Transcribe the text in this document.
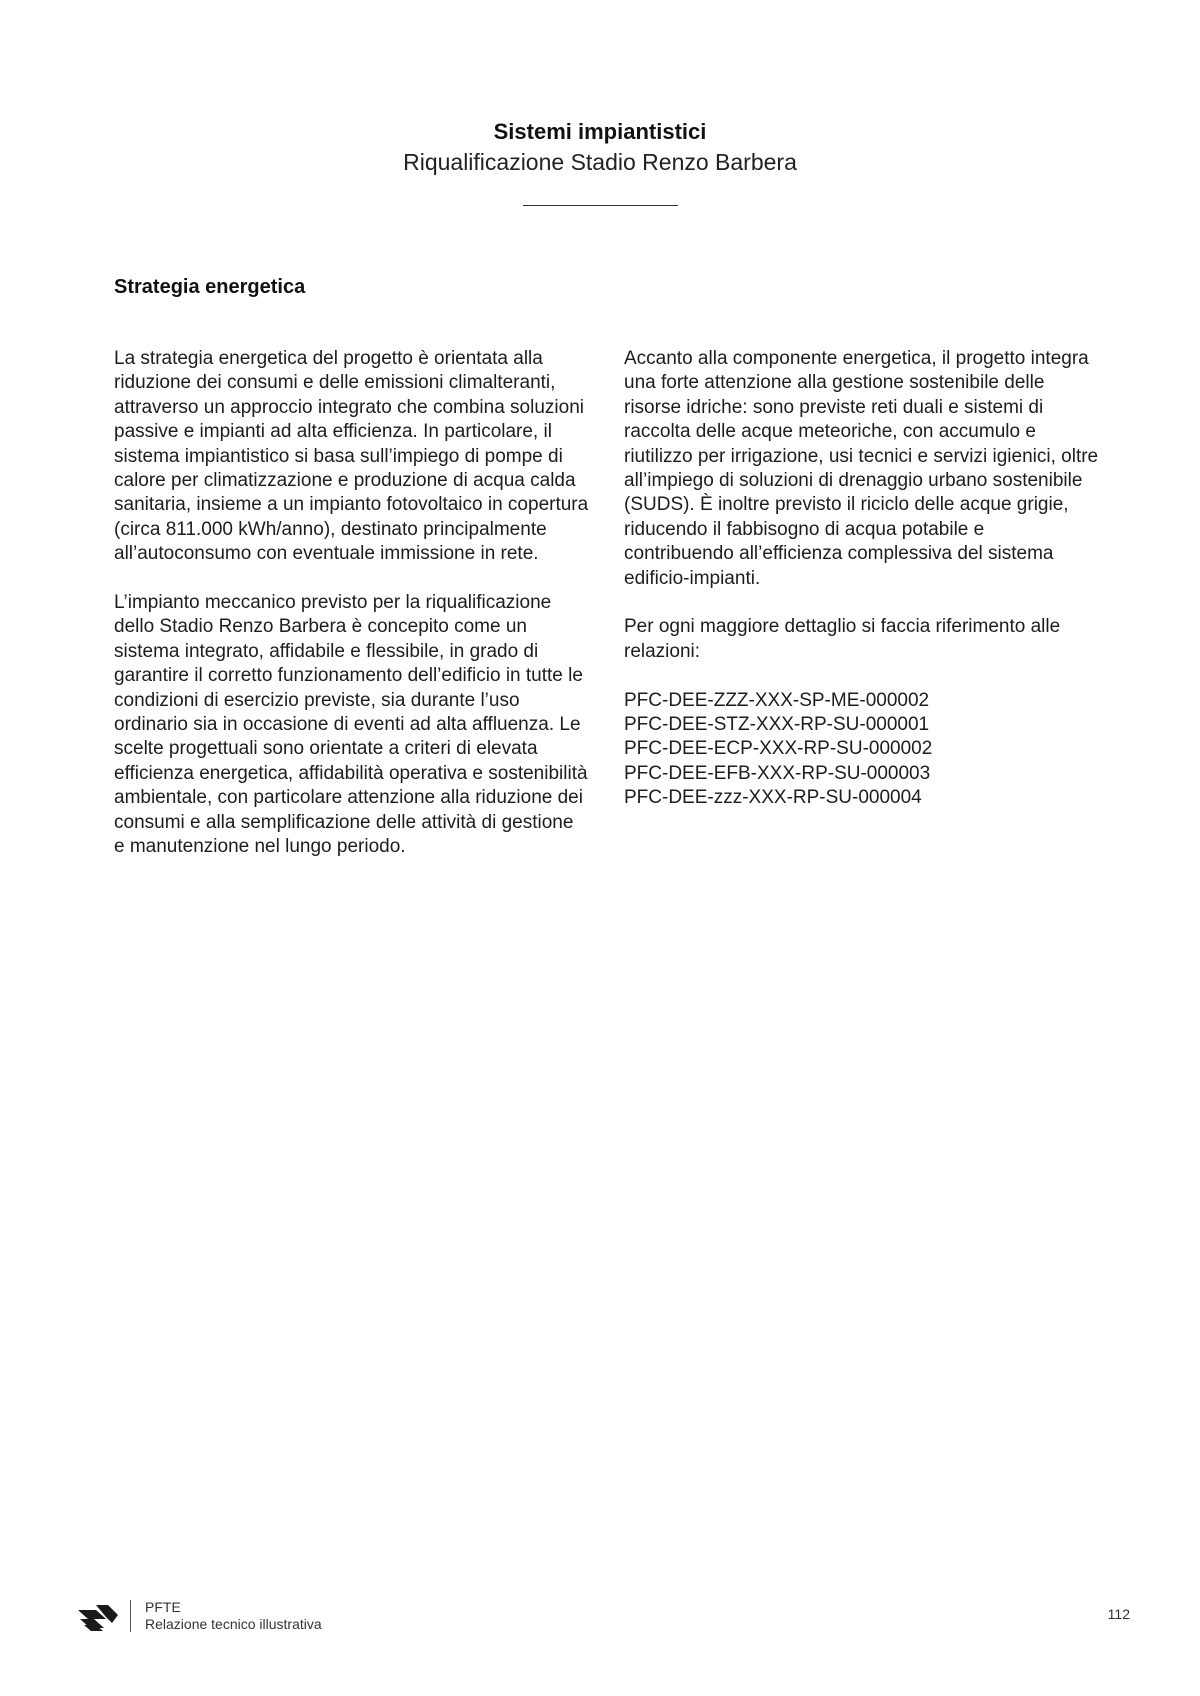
Sistemi impiantistici
Riqualificazione Stadio Renzo Barbera
Strategia energetica

La strategia energetica del progetto è orientata alla riduzione dei consumi e delle emissioni climalteranti, attraverso un approccio integrato che combina soluzioni passive e impianti ad alta efficienza. In particolare, il sistema impiantistico si basa sull’impiego di pompe di calore per climatizzazione e produzione di acqua calda sanitaria, insieme a un impianto fotovoltaico in copertura (circa 811.000 kWh/anno), destinato principalmente all’autoconsumo con eventuale immissione in rete.

L’impianto meccanico previsto per la riqualificazione dello Stadio Renzo Barbera è concepito come un sistema integrato, affidabile e flessibile, in grado di garantire il corretto funzionamento dell’edificio in tutte le condizioni di esercizio previste, sia durante l’uso ordinario sia in occasione di eventi ad alta affluenza. Le scelte progettuali sono orientate a criteri di elevata efficienza energetica, affidabilità operativa e sostenibilità ambientale, con particolare attenzione alla riduzione dei consumi e alla semplificazione delle attività di gestione e manutenzione nel lungo periodo.

Accanto alla componente energetica, il progetto integra una forte attenzione alla gestione sostenibile delle risorse idriche: sono previste reti duali e sistemi di raccolta delle acque meteoriche, con accumulo e riutilizzo per irrigazione, usi tecnici e servizi igienici, oltre all’impiego di soluzioni di drenaggio urbano sostenibile (SUDS). È inoltre previsto il riciclo delle acque grigie, riducendo il fabbisogno di acqua potabile e contribuendo all’efficienza complessiva del sistema edificio-impianti.

Per ogni maggiore dettaglio si faccia riferimento alle relazioni:

PFC-DEE-ZZZ-XXX-SP-ME-000002
PFC-DEE-STZ-XXX-RP-SU-000001
PFC-DEE-ECP-XXX-RP-SU-000002
PFC-DEE-EFB-XXX-RP-SU-000003
PFC-DEE-zzz-XXX-RP-SU-000004
PFTE
Relazione tecnico illustrativa
112
